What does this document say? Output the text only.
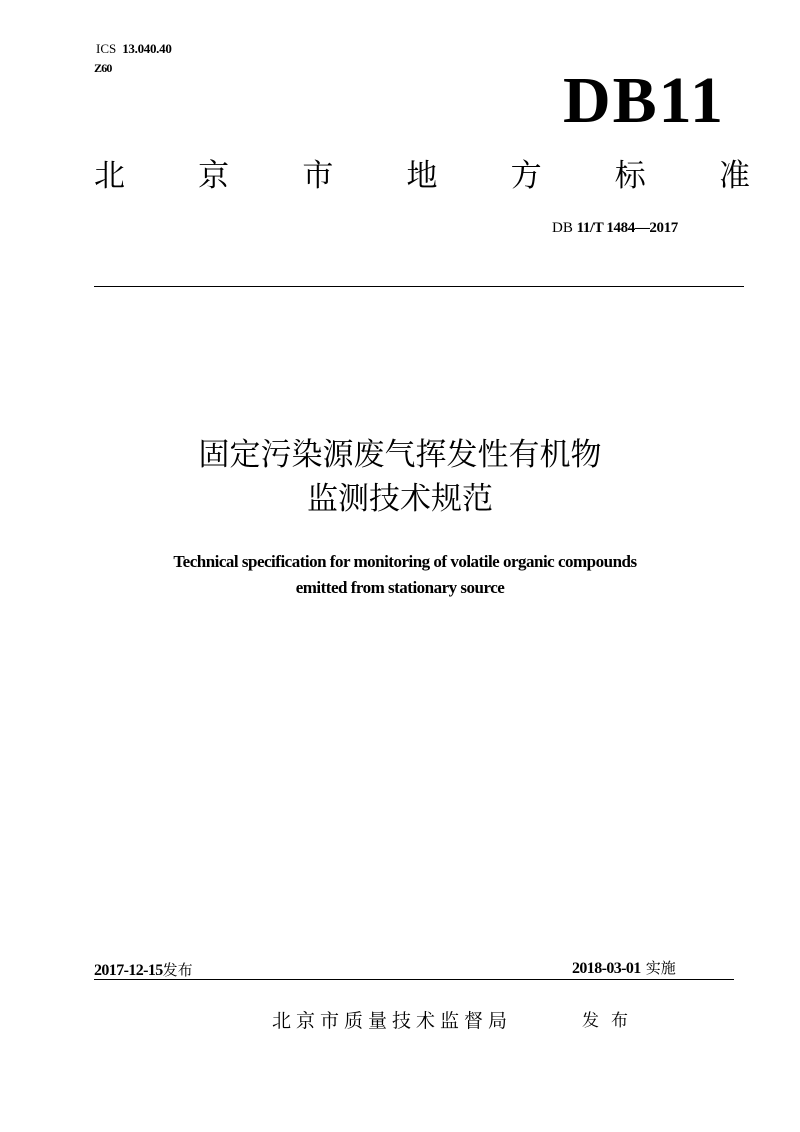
ICS 13.040.40
Z60	DB11
北 京 市 地 方 标 准
DB 11/T 1484—2017
固定污染源废气挥发性有机物
监测技术规范
Technical specification for monitoring of volatile organic compounds
emitted from stationary source
2017-12-15发布	2018-03-01 实施
北京市质量技术监督局	发布
